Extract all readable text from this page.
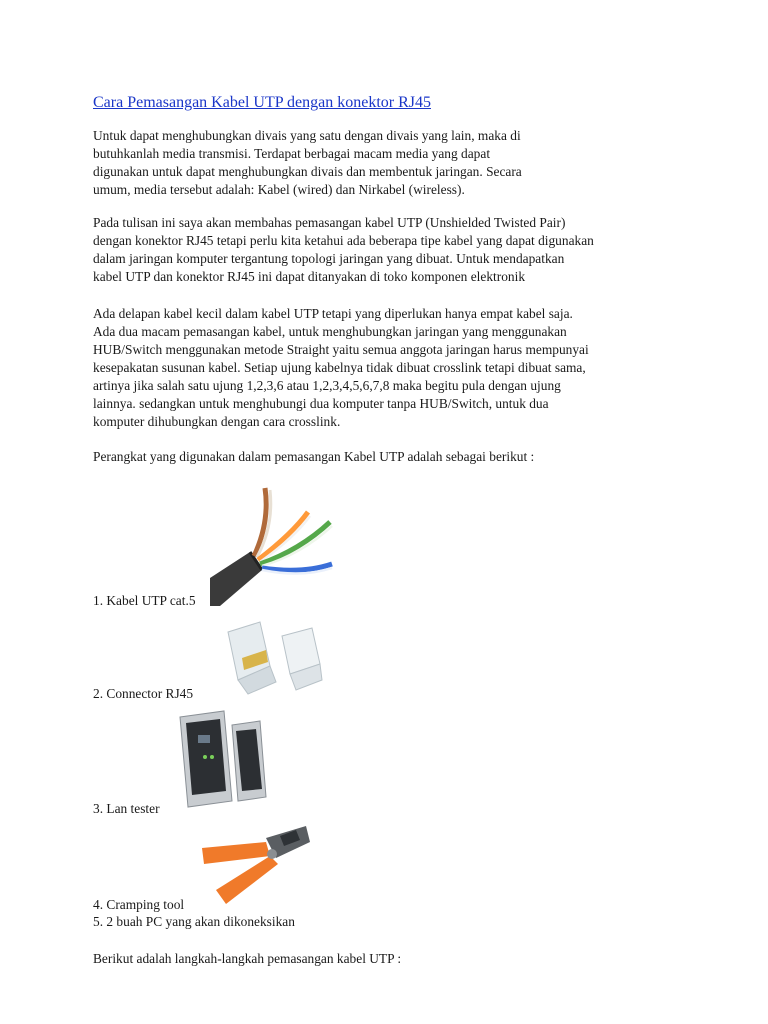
Cara Pemasangan Kabel UTP dengan konektor RJ45

Untuk dapat menghubungkan divais yang satu dengan divais yang lain, maka di
butuhkanlah media transmisi. Terdapat berbagai macam media yang dapat
digunakan untuk dapat menghubungkan divais dan membentuk jaringan. Secara
umum, media tersebut adalah: Kabel (wired) dan Nirkabel (wireless).

Pada tulisan ini saya akan membahas pemasangan kabel UTP (Unshielded Twisted Pair)
dengan konektor RJ45 tetapi perlu kita ketahui ada beberapa tipe kabel yang dapat digunakan
dalam jaringan komputer tergantung topologi jaringan yang dibuat. Untuk mendapatkan
kabel UTP dan konektor RJ45 ini dapat ditanyakan di toko komponen elektronik

Ada delapan kabel kecil dalam kabel UTP tetapi yang diperlukan hanya empat kabel saja.
Ada dua macam pemasangan kabel, untuk menghubungkan jaringan yang menggunakan
HUB/Switch menggunakan metode Straight yaitu semua anggota jaringan harus mempunyai
kesepakatan susunan kabel. Setiap ujung kabelnya tidak dibuat crosslink tetapi dibuat sama,
artinya jika salah satu ujung 1,2,3,6 atau 1,2,3,4,5,6,7,8 maka begitu pula dengan ujung
lainnya. sedangkan untuk menghubungi dua komputer tanpa HUB/Switch, untuk dua
komputer dihubungkan dengan cara crosslink.

Perangkat yang digunakan dalam pemasangan Kabel UTP adalah sebagai berikut :

1. Kabel UTP cat.5
2. Connector RJ45
3. Lan tester
4. Cramping tool
5. 2 buah PC yang akan dikoneksikan

Berikut adalah langkah-langkah pemasangan kabel UTP :
